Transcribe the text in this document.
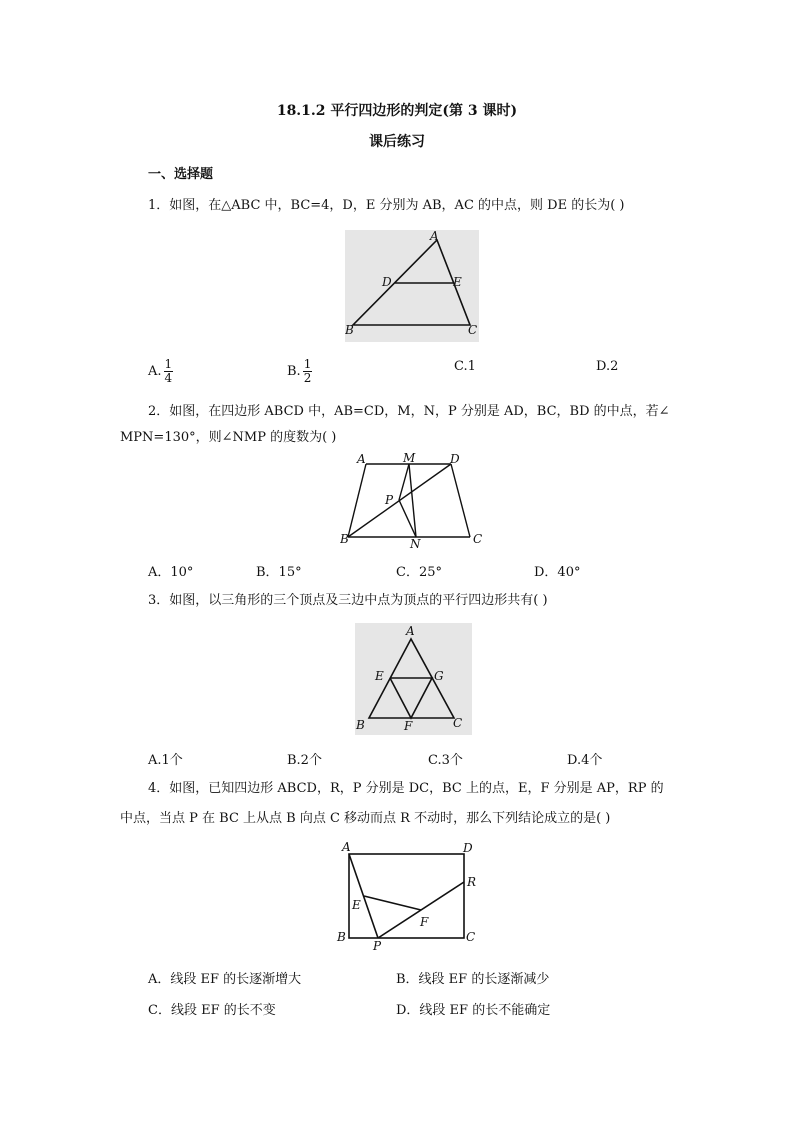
18.1.2 平行四边形的判定(第 3 课时)
课后练习
一、选择题
1．如图，在△ABC 中，BC=4，D，E 分别为 AB，AC 的中点，则 DE 的长为( )
A
D	E
B	C
A. $\frac{1}{4}$	B. $\frac{1}{2}$	C.1	D.2
2．如图，在四边形 ABCD 中，AB=CD，M，N，P 分别是 AD，BC，BD 的中点，若∠
MPN=130°，则∠NMP 的度数为( )
A	M	D
P
B	N	C
A．10°	B．15°	C．25°	D．40°
3．如图，以三角形的三个顶点及三边中点为顶点的平行四边形共有( )
A
E	G
B	F	C
A.1个	B.2个	C.3个	D.4个
4．如图，已知四边形 ABCD，R，P 分别是 DC，BC 上的点，E，F 分别是 AP，RP 的
中点，当点 P 在 BC 上从点 B 向点 C 移动而点 R 不动时，那么下列结论成立的是( )
A	D
R
E
F
B
P
C
A．线段 EF 的长逐渐增大	B．线段 EF 的长逐渐减少
C．线段 EF 的长不变	D．线段 EF 的长不能确定
